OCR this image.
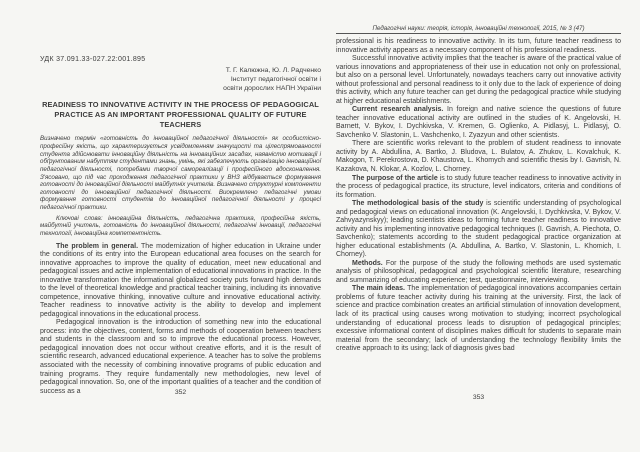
УДК 37.091.33-027.22:001.895
Т. Г. Калюжна, Ю. Л. Радченко
Інститут педагогічної освіти і
освіти дорослих НАПН України
READINESS TO INNOVATIVE ACTIVITY IN THE PROCESS OF PEDAGOGICAL
PRACTICE AS AN IMPORTANT PROFESSIONAL QUALITY OF FUTURE TEACHERS

Визначено термін «готовність до інноваційної педагогічної діяльності» як особистісно-професійну якість, що характеризується усвідомленням значущості та цілеспрямованості студента здійснювати інноваційну діяльність на інноваційних засадах, наявністю мотивації і обґрунтованим набуттям студентами знань, умінь, які забезпечують організацію інноваційної педагогічної діяльності, потребами творчої самореалізації і професійного вдосконалення. З'ясовано, що під час проходження педагогічної практики у ВНЗ відбувається формування готовності до інноваційної діяльності майбутніх учителів. Визначено структурні компоненти готовності до інноваційної педагогічної діяльності. Виокремлено педагогічні умови формування готовності студентів до інноваційної педагогічної діяльності у процесі педагогічної практики.

Ключові слова: інноваційна діяльність, педагогічна практика, професійна якість, майбутній учитель, готовність до інноваційної діяльності, педагогічні інновації, педагогічні технології, інноваційна компетентність.

The problem in general. The modernization of higher education in Ukraine under the conditions of its entry into the European educational area focuses on the search for innovative approaches to improve the quality of education, meet new educational and pedagogical issues and active implementation of educational innovations in practice. In the innovative transformation the informational globalized society puts forward high demands to the level of theoretical knowledge and practical teacher training, including its innovative competence, innovative thinking, innovative culture and innovative educational activity. Teacher readiness to innovative activity is the ability to develop and implement pedagogical innovations in the educational process.

Pedagogical innovation is the introduction of something new into the educational process: into the objectives, content, forms and methods of cooperation between teachers and students in the classroom and so to improve the educational process. However, pedagogical innovation does not occur without creative efforts, and it is the result of scientific research, advanced educational experience. A teacher has to solve the problems associated with the necessity of combining innovative programs of public education and training programs. They require fundamentally new methodologies, new level of pedagogical innovation. So, one of the important qualities of a teacher and the condition of success as a

Педагогічні науки: теорія, історія, інноваційні технології, 2015, № 3 (47)

professional is his readiness to innovative activity. In its turn, future teacher readiness to innovative activity appears as a necessary component of his professional readiness.

Successful innovative activity implies that the teacher is aware of the practical value of various innovations and appropriateness of their use in education not only on professional, but also on a personal level. Unfortunately, nowadays teachers carry out innovative activity without professional and personal readiness to it only due to the lack of experience of doing this activity, which any future teacher can get during the pedagogical practice while studying at higher educational establishments.

Current research analysis. In foreign and native science the questions of future teacher innovative educational activity are outlined in the studies of K. Angelovski, H. Barnett, V. Bykov, I. Dychkivska, V. Kremen, G. Oglienko, A. Pidlasyj, L. Pidlasyj, O. Savchenko V. Slastonin, L. Vashchenko, I. Zyazyun and other scientists.

There are scientific works relevant to the problem of student readiness to innovate activity by A. Abdullina, A. Bartko, J. Bludova, L. Bulatov, A. Zhukov, L. Kovalchuk, K. Makogon, T. Perekrostova, D. Khaustova, L. Khomych and scientific thesis by I. Gavrish, N. Kazakova, N. Klokar, A. Kozlov, L. Chorney.

The purpose of the article is to study future teacher readiness to innovative activity in the process of pedagogical practice, its structure, level indicators, criteria and conditions of its formation.

The methodological basis of the study is scientific understanding of psychological and pedagogical views on educational innovation (K. Angelovski, I. Dychkivska, V. Bykov, V. Zahvyazynskyy); leading scientists ideas to forming future teacher readiness to innovative activity and his implementing innovative pedagogical techniques (I. Gavrish, A. Piechota, O. Savchenko); statements according to the student pedagogical practice organization at higher educational establishments (A. Abdullina, A. Bartko, V. Slastonin, L. Khomich, I. Chorney).

Methods. For the purpose of the study the following methods are used systematic analysis of philosophical, pedagogical and psychological scientific literature, researching and summarizing of educating experience; test, questionnaire, interviewing.

The main ideas. The implementation of pedagogical innovations accompanies certain problems of future teacher activity during his training at the university. First, the lack of science and practice combination creates an artificial stimulation of innovation development, lack of its practical using causes wrong motivation to studying; incorrect psychological understanding of educational process leads to disruption of pedagogical principles; excessive informational content of disciplines makes difficult for students to separate main material from the secondary; lack of understanding the technology flexibility limits the creative approach to its using; lack of diagnosis gives bad

352
353
